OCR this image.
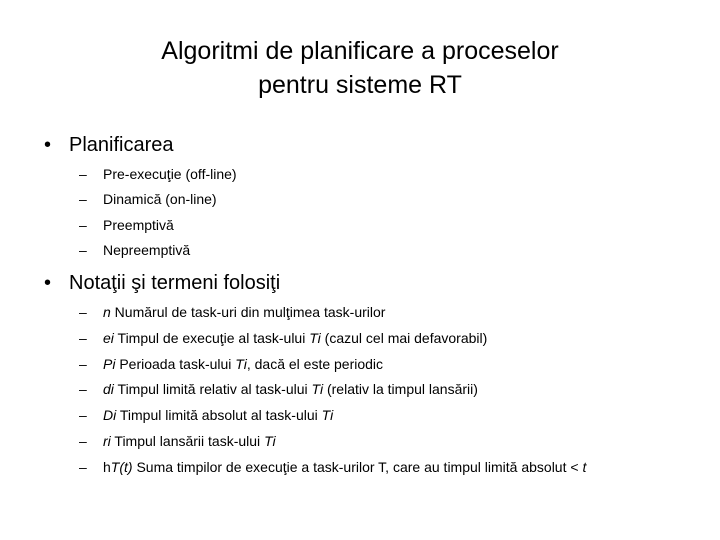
Algoritmi de planificare a proceselor
pentru sisteme RT
• Planificarea
– Pre-execuţie (off-line)
– Dinamică (on-line)
– Preemptivă
– Nepreemptivă
• Notaţii şi termeni folosiţi
– n Numărul de task-uri din mulţimea task-urilor
– ei Timpul de execuţie al task-ului Ti (cazul cel mai defavorabil)
– Pi Perioada task-ului Ti, dacă el este periodic
– di Timpul limită relativ al task-ului Ti (relativ la timpul lansării)
– Di Timpul limită absolut al task-ului Ti
– ri Timpul lansării task-ului Ti
– hT(t) Suma timpilor de execuţie a task-urilor T, care au timpul limită absolut < t
